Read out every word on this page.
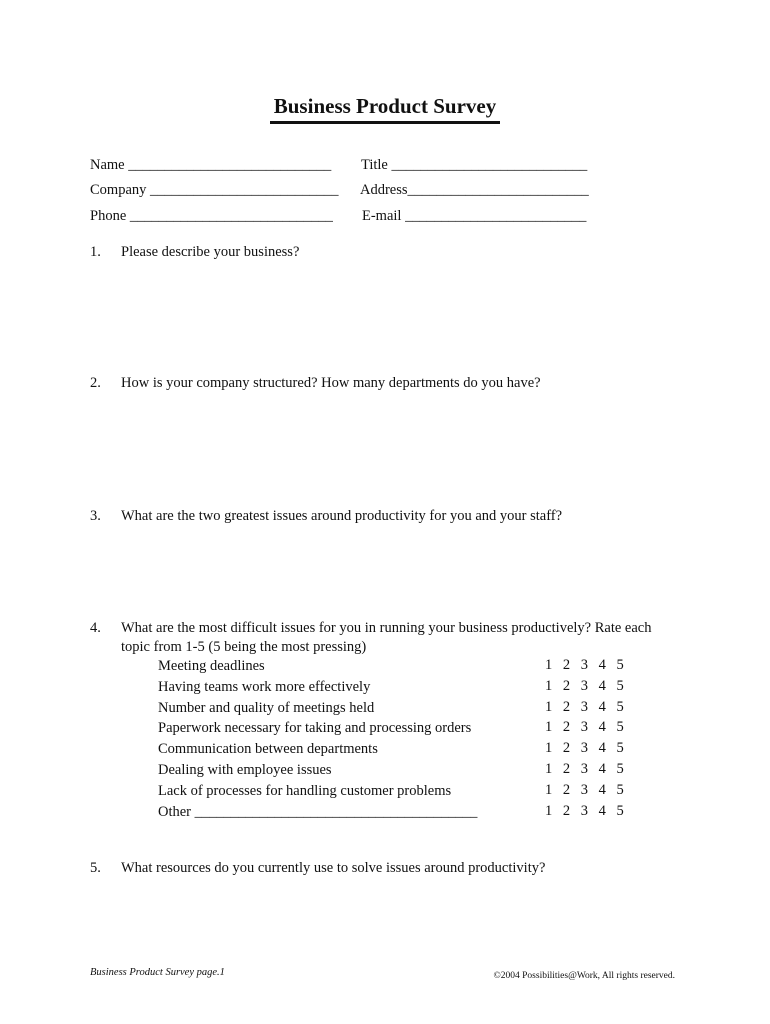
Business Product Survey
Name ____________________________ Title ___________________________
Company __________________________ Address_________________________
Phone ____________________________ E-mail _________________________
1. Please describe your business?
2. How is your company structured? How many departments do you have?
3. What are the two greatest issues around productivity for you and your staff?
4. What are the most difficult issues for you in running your business productively? Rate each
topic from 1-5 (5 being the most pressing)
Meeting deadlines	1 2 3 4 5
Having teams work more effectively	1 2 3 4 5
Number and quality of meetings held	1 2 3 4 5
Paperwork necessary for taking and processing orders	1 2 3 4 5
Communication between departments	1 2 3 4 5
Dealing with employee issues	1 2 3 4 5
Lack of processes for handling customer problems	1 2 3 4 5
Other _______________________________________	1 2 3 4 5
5. What resources do you currently use to solve issues around productivity?
Business Product Survey page.1	©2004 Possibilities@Work, All rights reserved.
